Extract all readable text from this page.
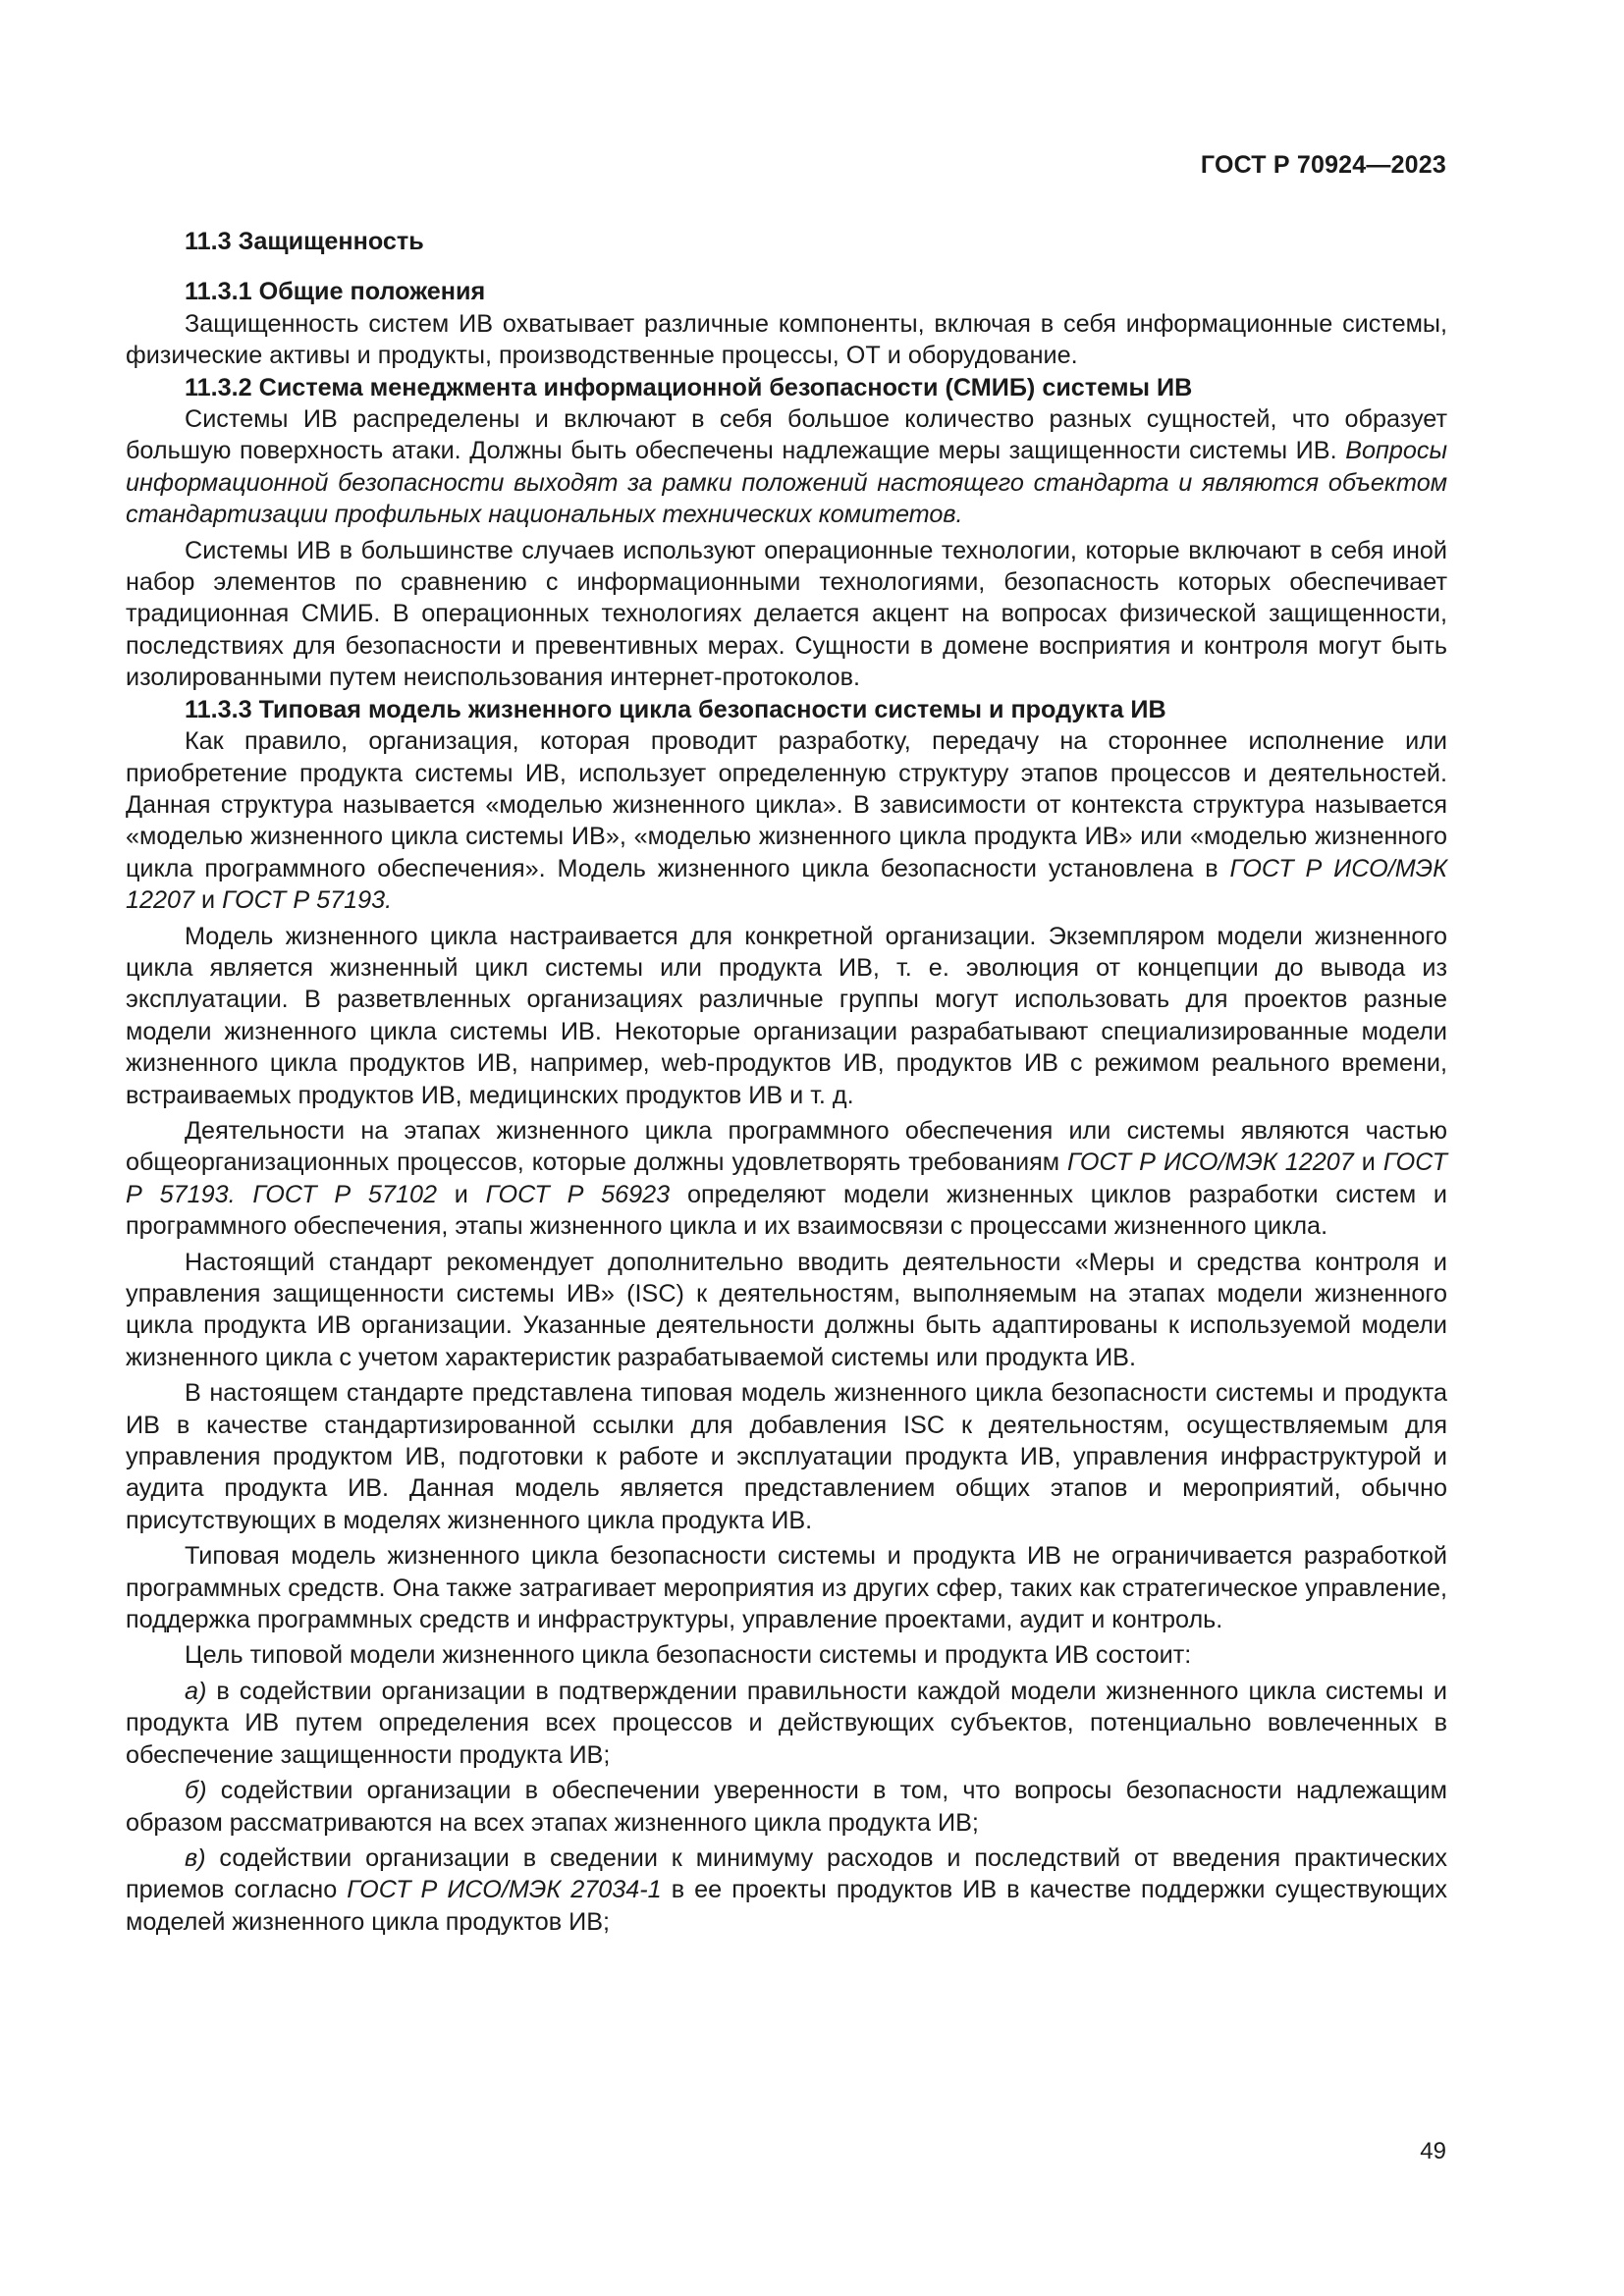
ГОСТ Р 70924—2023

11.3 Защищенность

11.3.1 Общие положения

Защищенность систем ИВ охватывает различные компоненты, включая в себя информационные системы, физические активы и продукты, производственные процессы, ОТ и оборудование.

11.3.2 Система менеджмента информационной безопасности (СМИБ) системы ИВ

Системы ИВ распределены и включают в себя большое количество разных сущностей, что образует большую поверхность атаки. Должны быть обеспечены надлежащие меры защищенности системы ИВ. Вопросы информационной безопасности выходят за рамки положений настоящего стандарта и являются объектом стандартизации профильных национальных технических комитетов.

Системы ИВ в большинстве случаев используют операционные технологии, которые включают в себя иной набор элементов по сравнению с информационными технологиями, безопасность которых обеспечивает традиционная СМИБ. В операционных технологиях делается акцент на вопросах физической защищенности, последствиях для безопасности и превентивных мерах. Сущности в домене восприятия и контроля могут быть изолированными путем неиспользования интернет-протоколов.

11.3.3 Типовая модель жизненного цикла безопасности системы и продукта ИВ

Как правило, организация, которая проводит разработку, передачу на стороннее исполнение или приобретение продукта системы ИВ, использует определенную структуру этапов процессов и деятельностей. Данная структура называется «моделью жизненного цикла». В зависимости от контекста структура называется «моделью жизненного цикла системы ИВ», «моделью жизненного цикла продукта ИВ» или «моделью жизненного цикла программного обеспечения». Модель жизненного цикла безопасности установлена в ГОСТ Р ИСО/МЭК 12207 и ГОСТ Р 57193.

Модель жизненного цикла настраивается для конкретной организации. Экземпляром модели жизненного цикла является жизненный цикл системы или продукта ИВ, т. е. эволюция от концепции до вывода из эксплуатации. В разветвленных организациях различные группы могут использовать для проектов разные модели жизненного цикла системы ИВ. Некоторые организации разрабатывают специализированные модели жизненного цикла продуктов ИВ, например, web-продуктов ИВ, продуктов ИВ с режимом реального времени, встраиваемых продуктов ИВ, медицинских продуктов ИВ и т. д.

Деятельности на этапах жизненного цикла программного обеспечения или системы являются частью общеорганизационных процессов, которые должны удовлетворять требованиям ГОСТ Р ИСО/МЭК 12207 и ГОСТ Р 57193. ГОСТ Р 57102 и ГОСТ Р 56923 определяют модели жизненных циклов разработки систем и программного обеспечения, этапы жизненного цикла и их взаимосвязи с процессами жизненного цикла.

Настоящий стандарт рекомендует дополнительно вводить деятельности «Меры и средства контроля и управления защищенности системы ИВ» (ISC) к деятельностям, выполняемым на этапах модели жизненного цикла продукта ИВ организации. Указанные деятельности должны быть адаптированы к используемой модели жизненного цикла с учетом характеристик разрабатываемой системы или продукта ИВ.

В настоящем стандарте представлена типовая модель жизненного цикла безопасности системы и продукта ИВ в качестве стандартизированной ссылки для добавления ISC к деятельностям, осуществляемым для управления продуктом ИВ, подготовки к работе и эксплуатации продукта ИВ, управления инфраструктурой и аудита продукта ИВ. Данная модель является представлением общих этапов и мероприятий, обычно присутствующих в моделях жизненного цикла продукта ИВ.

Типовая модель жизненного цикла безопасности системы и продукта ИВ не ограничивается разработкой программных средств. Она также затрагивает мероприятия из других сфер, таких как стратегическое управление, поддержка программных средств и инфраструктуры, управление проектами, аудит и контроль.

Цель типовой модели жизненного цикла безопасности системы и продукта ИВ состоит:

а) в содействии организации в подтверждении правильности каждой модели жизненного цикла системы и продукта ИВ путем определения всех процессов и действующих субъектов, потенциально вовлеченных в обеспечение защищенности продукта ИВ;

б) содействии организации в обеспечении уверенности в том, что вопросы безопасности надлежащим образом рассматриваются на всех этапах жизненного цикла продукта ИВ;

в) содействии организации в сведении к минимуму расходов и последствий от введения практических приемов согласно ГОСТ Р ИСО/МЭК 27034-1 в ее проекты продуктов ИВ в качестве поддержки существующих моделей жизненного цикла продуктов ИВ;

49
